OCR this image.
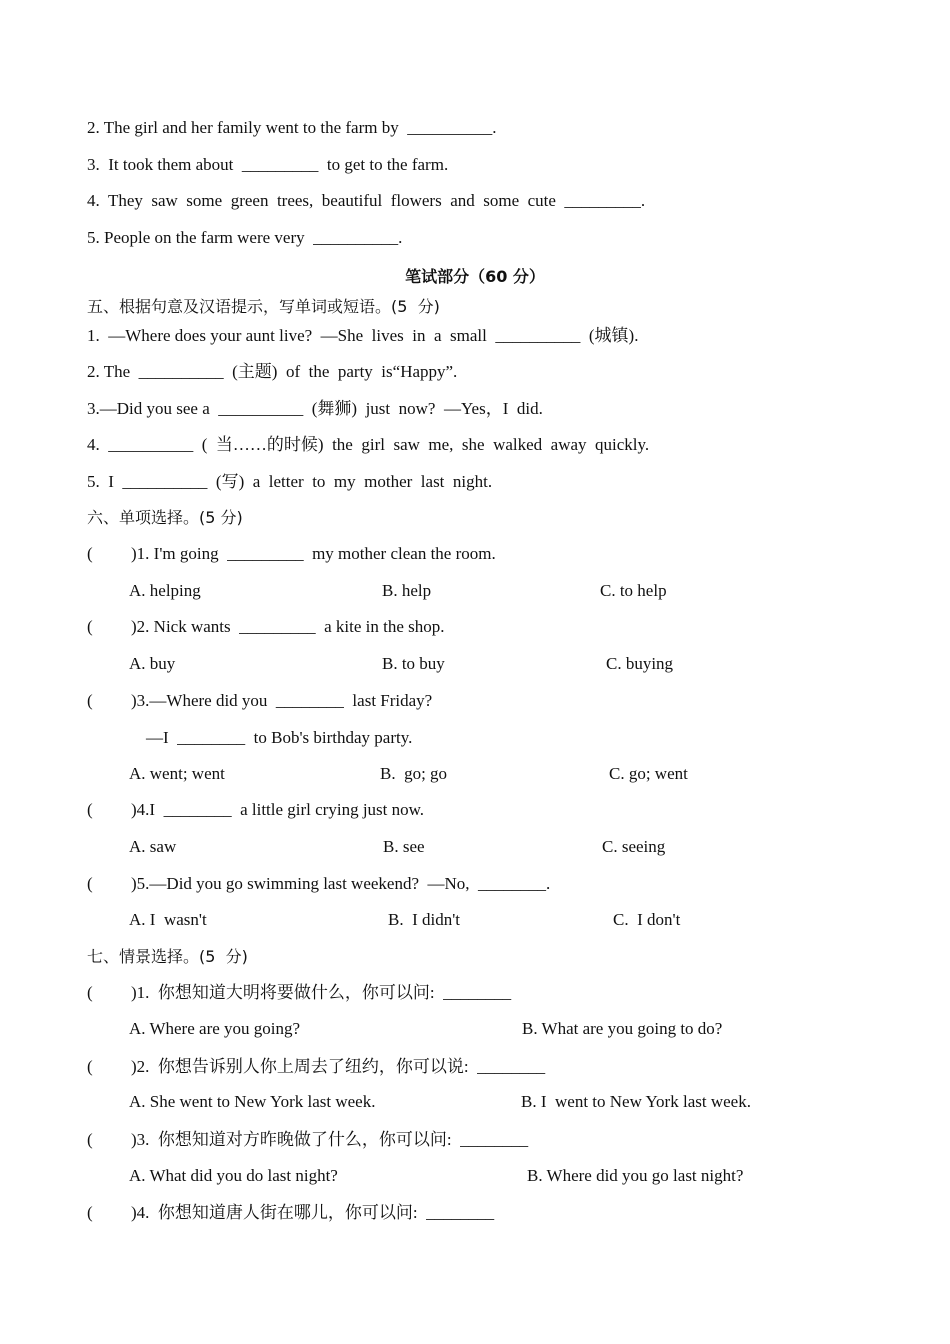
2. The girl and her family went to the farm by  __________.
3.  It took them about  _________  to get to the farm.
4.  They  saw  some  green  trees,  beautiful  flowers  and  some  cute  _________.
5. People on the farm were very  __________.
笔试部分（60 分）
五、根据句意及汉语提示，写单词或短语。(5  分)
1.  —Where does your aunt live?  —She  lives  in  a  small  __________  (城镇).
2. The  __________  (主题)  of  the  party  is“Happy”.
3.—Did you see a  __________  (舞狮)  just  now?  —Yes，I  did.
4.  __________  (  当……的时候)  the  girl  saw  me,  she  walked  away  quickly.
5.  I  __________  (写)  a  letter  to  my  mother  last  night.
六、单项选择。(5 分)
( )1. I'm going  _________  my mother clean the room.
A. helping	B. help	C. to help
( )2. Nick wants  _________  a kite in the shop.
A. buy	B. to buy	C. buying
( )3.—Where did you  ________  last Friday?
—I  ________  to Bob's birthday party.
A. went; went	B.  go; go	C. go; went
( )4.I  ________  a little girl crying just now.
A. saw	B. see	C. seeing
( )5.—Did you go swimming last weekend?  —No,  ________.
A. I  wasn't	B.  I didn't	C.  I don't
七、情景选择。(5  分)
( )1.  你想知道大明将要做什么，你可以问:  ________
A. Where are you going?	B. What are you going to do?
( )2.  你想告诉别人你上周去了纽约，你可以说:  ________
A. She went to New York last week.	B. I  went to New York last week.
( )3.  你想知道对方昨晚做了什么，你可以问:  ________
A. What did you do last night?	B. Where did you go last night?
( )4.  你想知道唐人街在哪儿，你可以问:  ________
